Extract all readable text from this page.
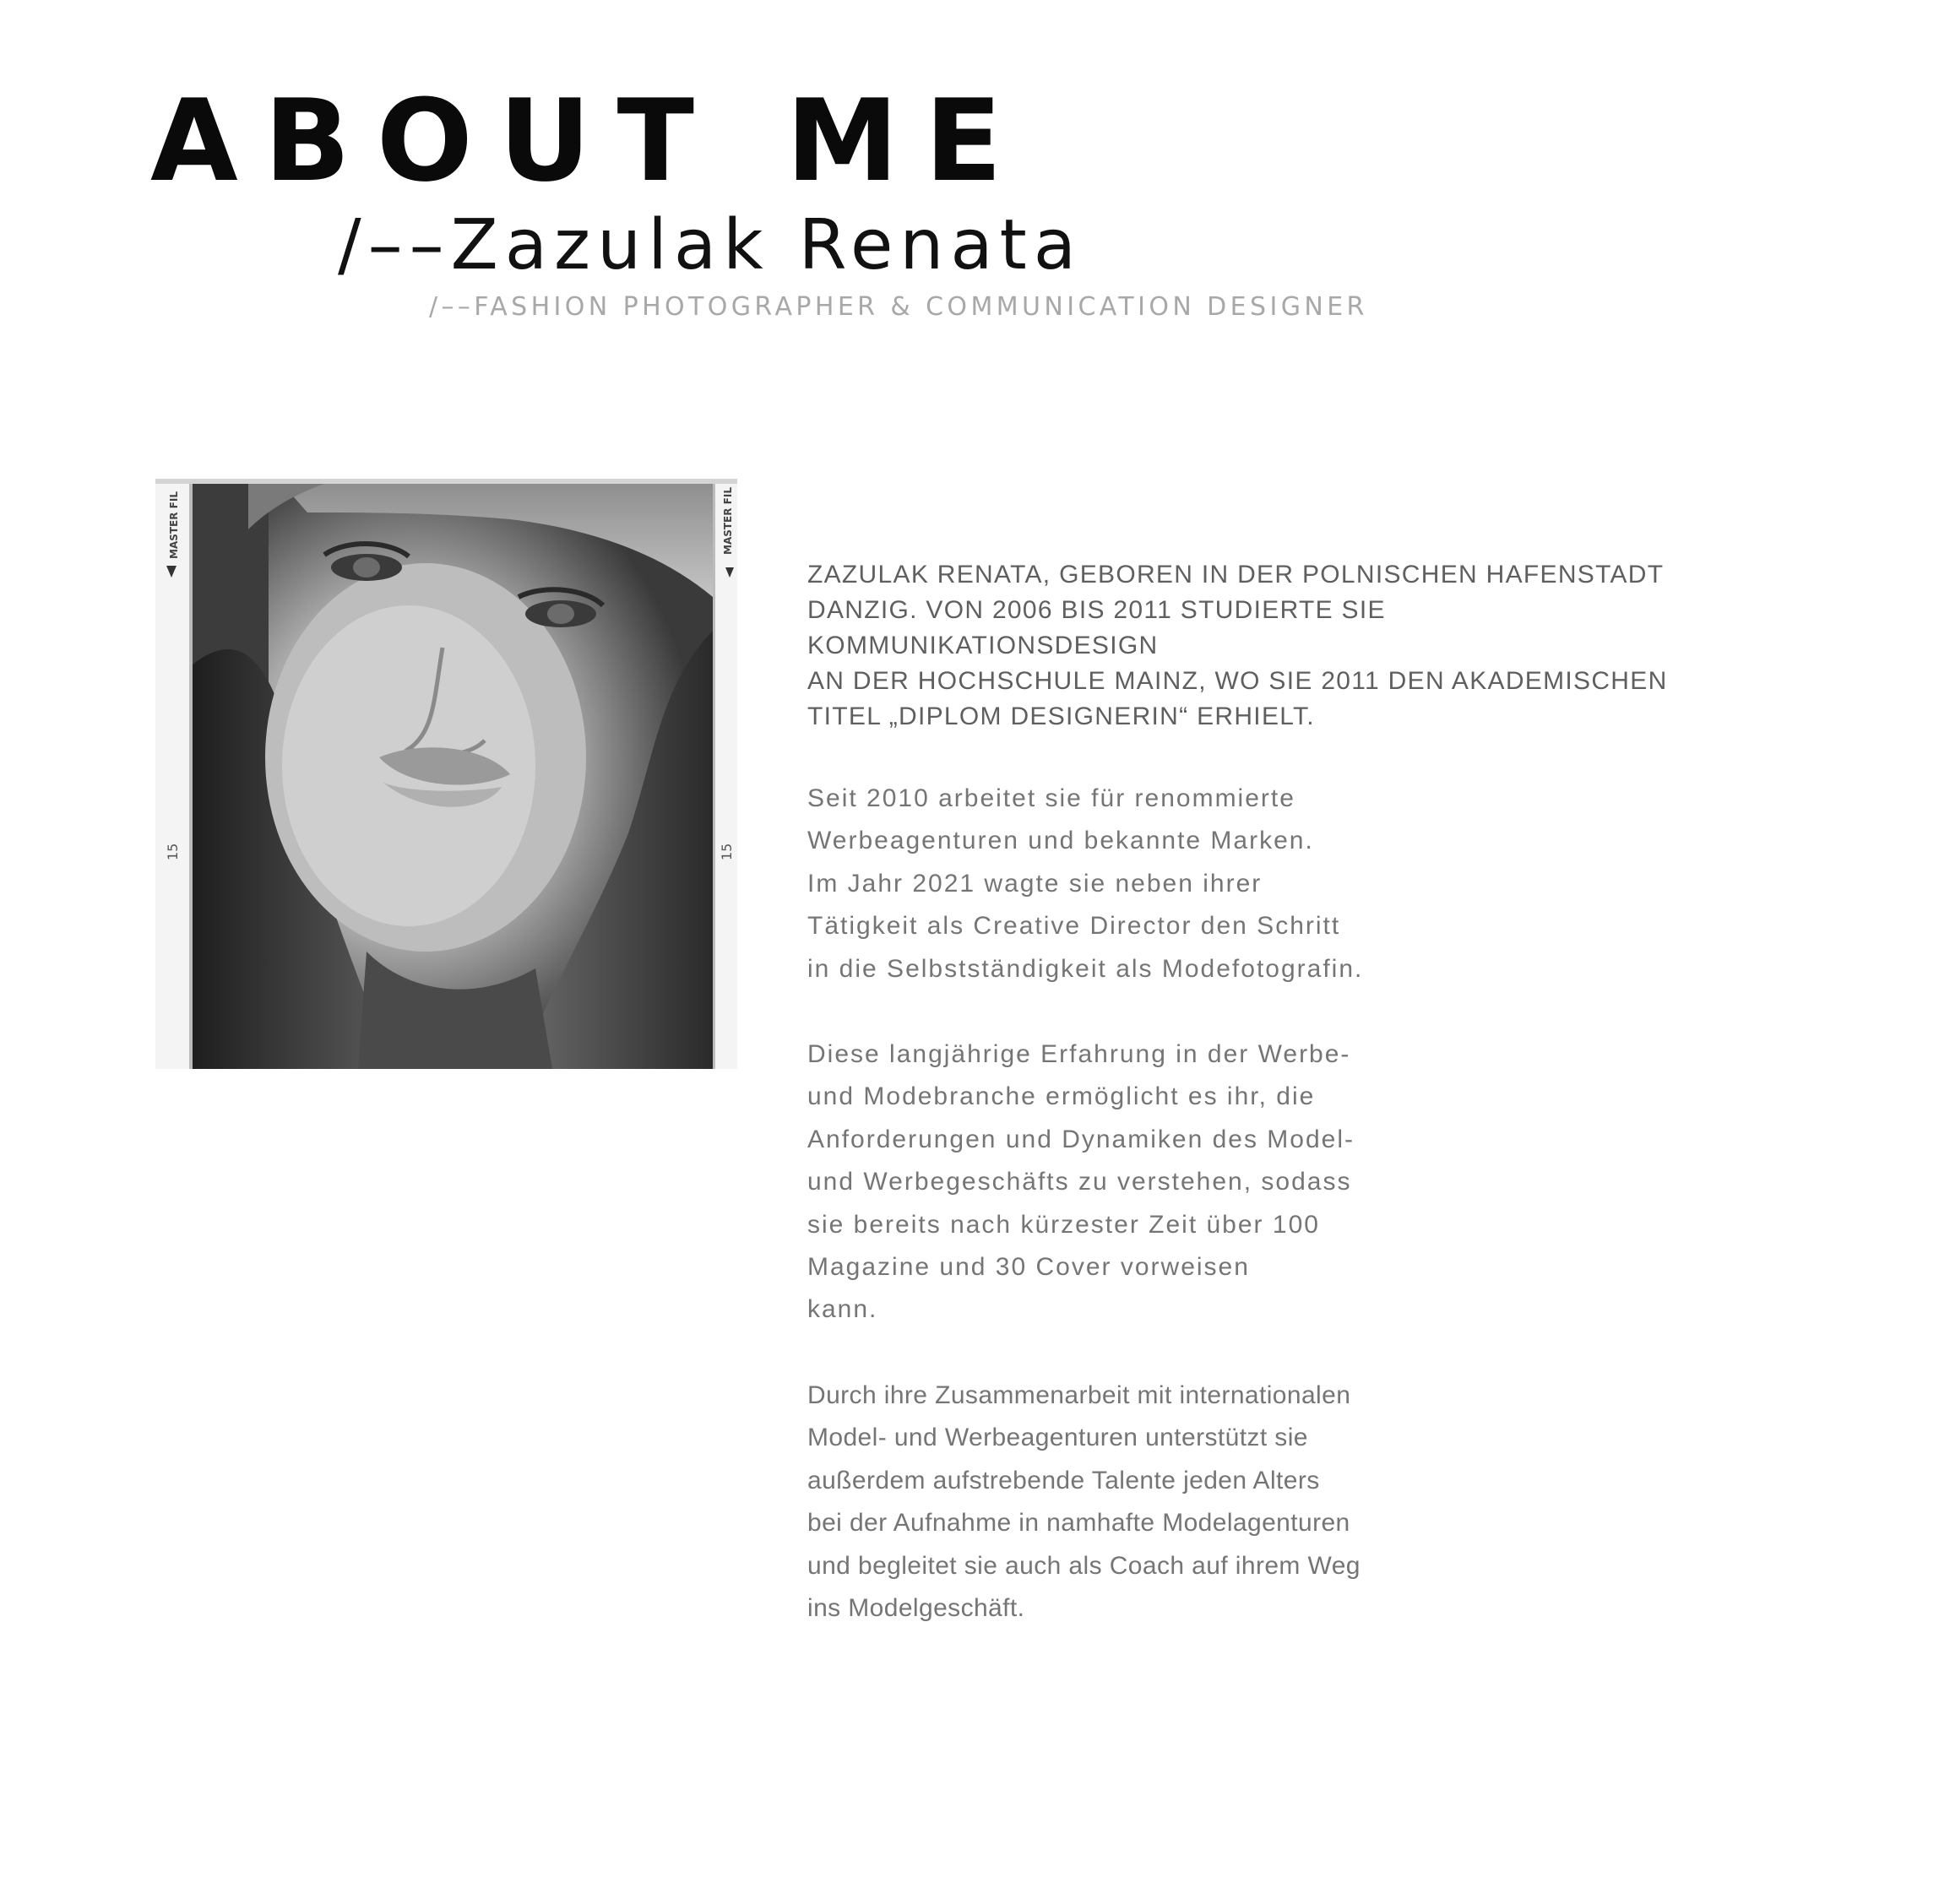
ABOUT ME
/––Zazulak Renata
/––FASHION PHOTOGRAPHER & COMMUNICATION DESIGNER
MASTER FIL	MASTER FIL
15	15

ZAZULAK RENATA, GEBOREN IN DER POLNISCHEN HAFENSTADT
DANZIG. VON 2006 BIS 2011 STUDIERTE SIE KOMMUNIKATIONSDESIGN
AN DER HOCHSCHULE MAINZ, WO SIE 2011 DEN AKADEMISCHEN
TITEL „DIPLOM DESIGNERIN“ ERHIELT.

Seit 2010 arbeitet sie für renommierte
Werbeagenturen und bekannte Marken.
Im Jahr 2021 wagte sie neben ihrer
Tätigkeit als Creative Director den Schritt
in die Selbstständigkeit als Modefotografin.

Diese langjährige Erfahrung in der Werbe-
und Modebranche ermöglicht es ihr, die
Anforderungen und Dynamiken des Model-
und Werbegeschäfts zu verstehen, sodass
sie bereits nach kürzester Zeit über 100
Magazine und 30 Cover vorweisen
kann.

Durch ihre Zusammenarbeit mit internationalen
Model- und Werbeagenturen unterstützt sie
außerdem aufstrebende Talente jeden Alters
bei der Aufnahme in namhafte Modelagenturen
und begleitet sie auch als Coach auf ihrem Weg
ins Modelgeschäft.
